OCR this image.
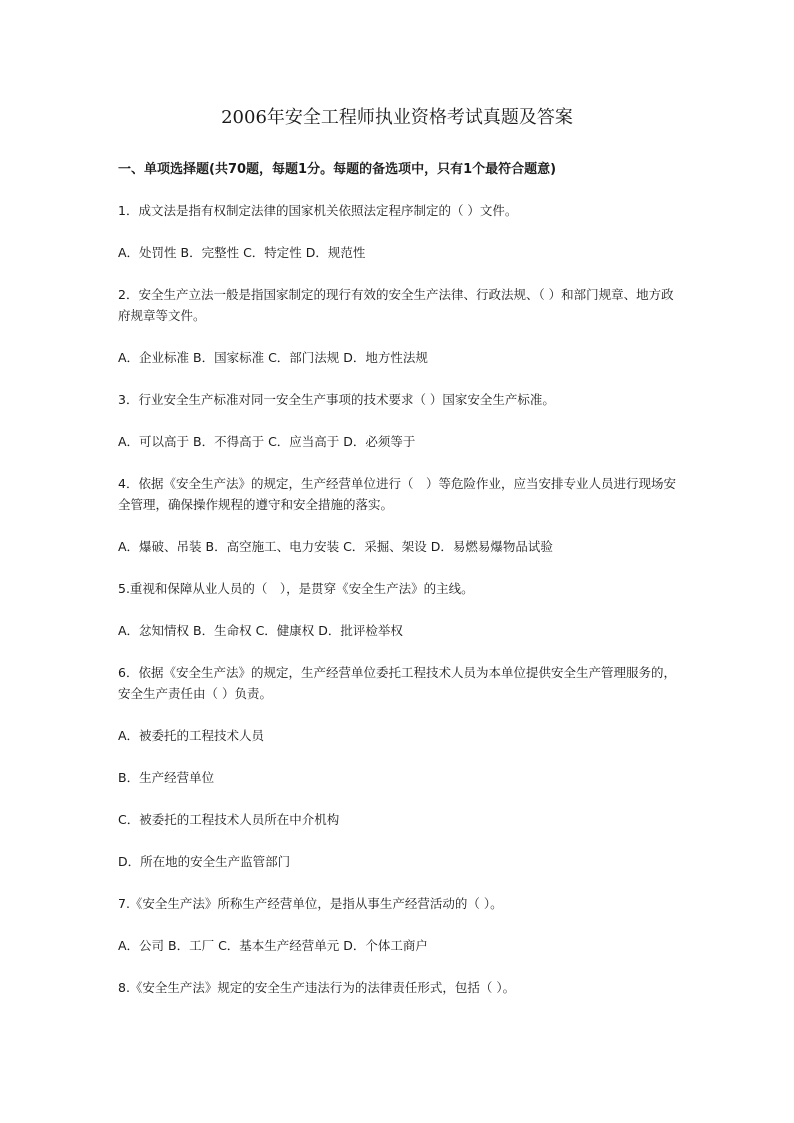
2006年安全工程师执业资格考试真题及答案
一、单项选择题(共70题，每题1分。每题的备选项中，只有1个最符合题意)

1．成文法是指有权制定法律的国家机关依照法定程序制定的（ ）文件。

A．处罚性 B．完整性 C．特定性 D．规范性

2．安全生产立法一般是指国家制定的现行有效的安全生产法律、行政法规、（ ）和部门规章、地方政府规章等文件。

A．企业标准 B．国家标准 C．部门法规 D．地方性法规

3．行业安全生产标准对同一安全生产事项的技术要求（ ）国家安全生产标准。

A．可以高于 B．不得高于 C．应当高于 D．必须等于

4．依据《安全生产法》的规定，生产经营单位进行（　）等危险作业，应当安排专业人员进行现场安全管理，确保操作规程的遵守和安全措施的落实。

A．爆破、吊装 B．高空施工、电力安装 C．采掘、架设 D．易燃易爆物品试验

5.重视和保障从业人员的（　），是贯穿《安全生产法》的主线。

A．忿知情权 B．生命权 C．健康权 D．批评检举权

6．依据《安全生产法》的规定，生产经营单位委托工程技术人员为本单位提供安全生产管理服务的，安全生产责任由（ ）负责。

A．被委托的工程技术人员

B．生产经营单位

C．被委托的工程技术人员所在中介机构

D．所在地的安全生产监管部门

7.《安全生产法》所称生产经营单位，是指从事生产经营活动的（ ）。

A．公司 B．工厂 C．基本生产经营单元 D．个体工商户

8.《安全生产法》规定的安全生产违法行为的法律责任形式，包括（ ）。
